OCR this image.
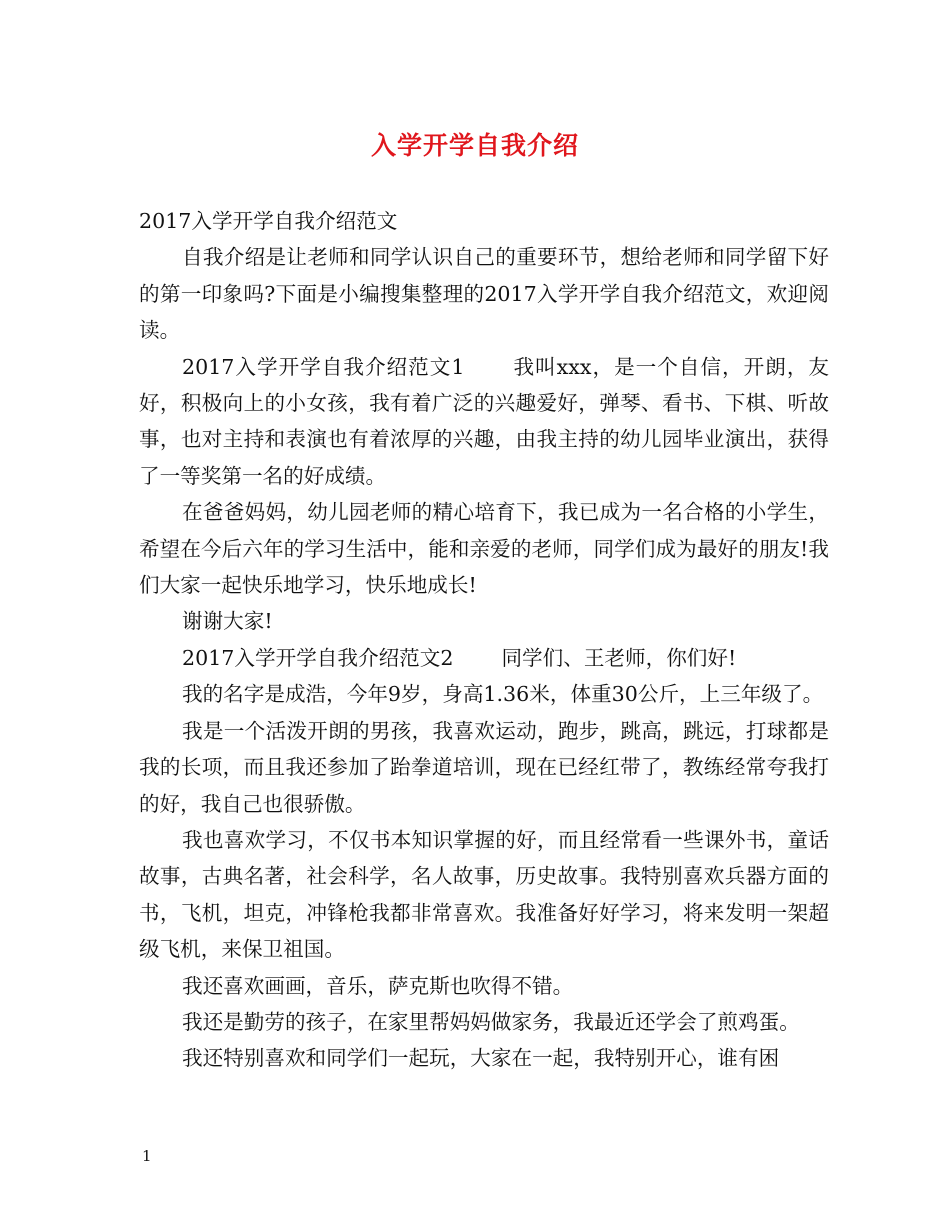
入学开学自我介绍

2017入学开学自我介绍范文

自我介绍是让老师和同学认识自己的重要环节，想给老师和同学留下好的第一印象吗?下面是小编搜集整理的2017入学开学自我介绍范文，欢迎阅读。

2017入学开学自我介绍范文1 我叫xxx，是一个自信，开朗，友好，积极向上的小女孩，我有着广泛的兴趣爱好，弹琴、看书、下棋、听故事，也对主持和表演也有着浓厚的兴趣，由我主持的幼儿园毕业演出，获得了一等奖第一名的好成绩。

在爸爸妈妈，幼儿园老师的精心培育下，我已成为一名合格的小学生，希望在今后六年的学习生活中，能和亲爱的老师，同学们成为最好的朋友!我们大家一起快乐地学习，快乐地成长!

谢谢大家!

2017入学开学自我介绍范文2 同学们、王老师，你们好!

我的名字是成浩，今年9岁，身高1.36米，体重30公斤，上三年级了。

我是一个活泼开朗的男孩，我喜欢运动，跑步，跳高，跳远，打球都是我的长项，而且我还参加了跆拳道培训，现在已经红带了，教练经常夸我打的好，我自己也很骄傲。

我也喜欢学习，不仅书本知识掌握的好，而且经常看一些课外书，童话故事，古典名著，社会科学，名人故事，历史故事。我特别喜欢兵器方面的书，飞机，坦克，冲锋枪我都非常喜欢。我准备好好学习，将来发明一架超级飞机，来保卫祖国。

我还喜欢画画，音乐，萨克斯也吹得不错。

我还是勤劳的孩子，在家里帮妈妈做家务，我最近还学会了煎鸡蛋。

我还特别喜欢和同学们一起玩，大家在一起，我特别开心，谁有困

1
